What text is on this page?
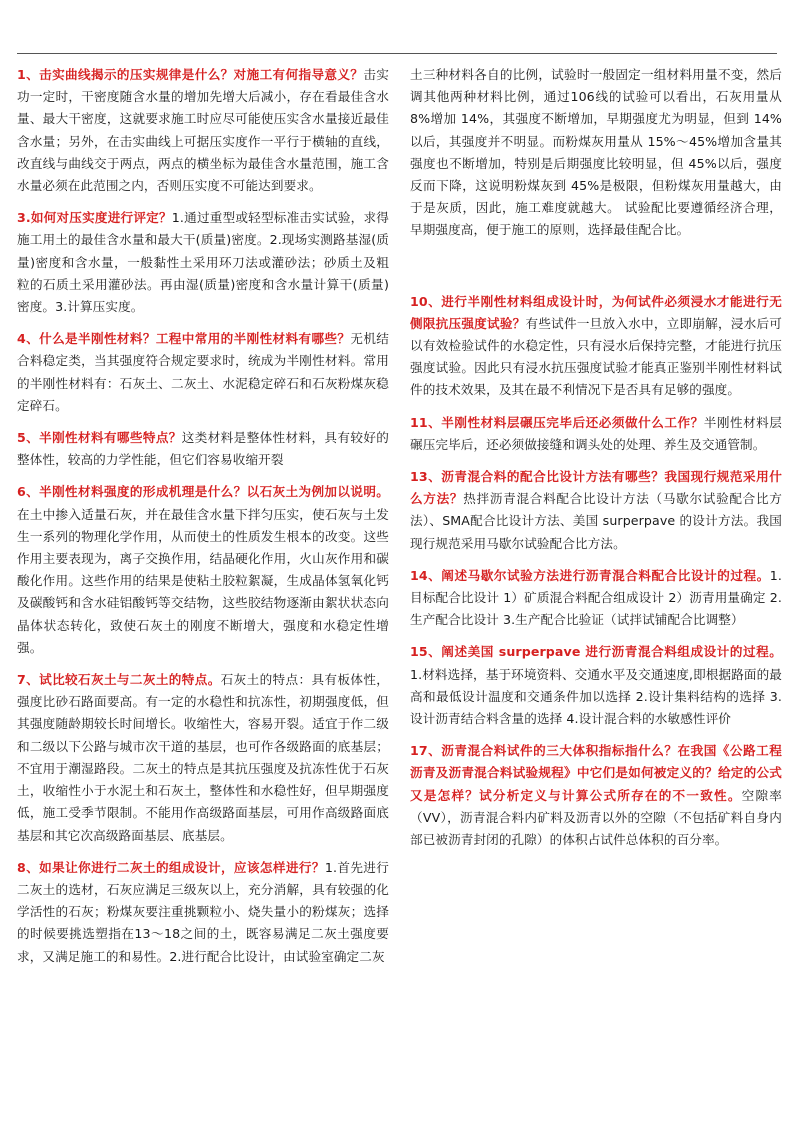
1、击实曲线揭示的压实规律是什么？对施工有何指导意义？击实功一定时，干密度随含水量的增加先增大后减小，存在看最佳含水量、最大干密度，这就要求施工时应尽可能使压实含水量接近最佳含水量；另外，在击实曲线上可据压实度作一平行于横轴的直线，改直线与曲线交于两点，两点的横坐标为最佳含水量范围，施工含水量必须在此范围之内，否则压实度不可能达到要求。

3.如何对压实度进行评定？1.通过重型或轻型标准击实试验，求得施工用土的最佳含水量和最大干(质量)密度。2.现场实测路基湿(质量)密度和含水量，一般黏性土采用环刀法或灌砂法；砂质土及粗粒的石质土采用灌砂法。再由湿(质量)密度和含水量计算干(质量)密度。3.计算压实度。

4、什么是半刚性材料？工程中常用的半刚性材料有哪些？无机结合料稳定类，当其强度符合规定要求时，统成为半刚性材料。常用的半刚性材料有：石灰土、二灰土、水泥稳定碎石和石灰粉煤灰稳定碎石。

5、半刚性材料有哪些特点？这类材料是整体性材料，具有较好的整体性，较高的力学性能，但它们容易收缩开裂

6、半刚性材料强度的形成机理是什么？以石灰土为例加以说明。在土中掺入适量石灰，并在最佳含水量下拌匀压实，使石灰与土发生一系列的物理化学作用，从而使土的性质发生根本的改变。这些作用主要表现为，离子交换作用，结晶硬化作用，火山灰作用和碳酸化作用。这些作用的结果是使粘土胶粒絮凝，生成晶体氢氧化钙及碳酸钙和含水硅铝酸钙等交结物，这些胶结物逐渐由絮状状态向晶体状态转化，致使石灰土的刚度不断增大，强度和水稳定性增强。

7、试比较石灰土与二灰土的特点。石灰土的特点：具有板体性，强度比砂石路面要高。有一定的水稳性和抗冻性，初期强度低，但其强度随龄期较长时间增长。收缩性大，容易开裂。适宜于作二级和二级以下公路与城市次干道的基层，也可作各级路面的底基层；不宜用于潮湿路段。二灰土的特点是其抗压强度及抗冻性优于石灰土，收缩性小于水泥土和石灰土，整体性和水稳性好，但早期强度低，施工受季节限制。不能用作高级路面基层，可用作高级路面底基层和其它次高级路面基层、底基层。

8、如果让你进行二灰土的组成设计，应该怎样进行？1.首先进行二灰土的选材，石灰应满足三级灰以上，充分消解，具有较强的化学活性的石灰；粉煤灰要注重挑颗粒小、烧失量小的粉煤灰；选择的时候要挑选塑指在13～18之间的土，既容易满足二灰土强度要求，又满足施工的和易性。2.进行配合比设计，由试验室确定二灰

土三种材料各自的比例，试验时一般固定一组材料用量不变，然后调其他两种材料比例，通过106线的试验可以看出，石灰用量从 8%增加 14%，其强度不断增加，早期强度尤为明显，但到 14%以后，其强度并不明显。而粉煤灰用量从 15%～45%增加含量其强度也不断增加，特别是后期强度比较明显，但 45%以后，强度反而下降，这说明粉煤灰到 45%是极限，但粉煤灰用量越大，由于是灰质，因此，施工难度就越大。 试验配比要遵循经济合理，早期强度高，便于施工的原则，选择最佳配合比。

10、进行半刚性材料组成设计时，为何试件必须浸水才能进行无侧限抗压强度试验？有些试件一旦放入水中，立即崩解，浸水后可以有效检验试件的水稳定性，只有浸水后保持完整，才能进行抗压强度试验。因此只有浸水抗压强度试验才能真正鉴别半刚性材料试件的技术效果，及其在最不利情况下是否具有足够的强度。

11、半刚性材料层碾压完毕后还必须做什么工作？半刚性材料层碾压完毕后，还必须做接缝和调头处的处理、养生及交通管制。

13、沥青混合料的配合比设计方法有哪些？我国现行规范采用什么方法？热拌沥青混合料配合比设计方法（马歇尔试验配合比方法）、SMA配合比设计方法、美国 surperpave 的设计方法。我国现行规范采用马歇尔试验配合比方法。

14、阐述马歇尔试验方法进行沥青混合料配合比设计的过程。1.目标配合比设计 1）矿质混合料配合组成设计 2）沥青用量确定 2.生产配合比设计 3.生产配合比验证（试拌试铺配合比调整）

15、阐述美国 surperpave 进行沥青混合料组成设计的过程。1.材料选择，基于环境资料、交通水平及交通速度,即根据路面的最高和最低设计温度和交通条件加以选择 2.设计集料结构的选择 3.设计沥青结合料含量的选择 4.设计混合料的水敏感性评价

17、沥青混合料试件的三大体积指标指什么？在我国《公路工程沥青及沥青混合料试验规程》中它们是如何被定义的？给定的公式又是怎样？试分析定义与计算公式所存在的不一致性。空隙率（VV），沥青混合料内矿料及沥青以外的空隙（不包括矿料自身内部已被沥青封闭的孔隙）的体积占试件总体积的百分率。
